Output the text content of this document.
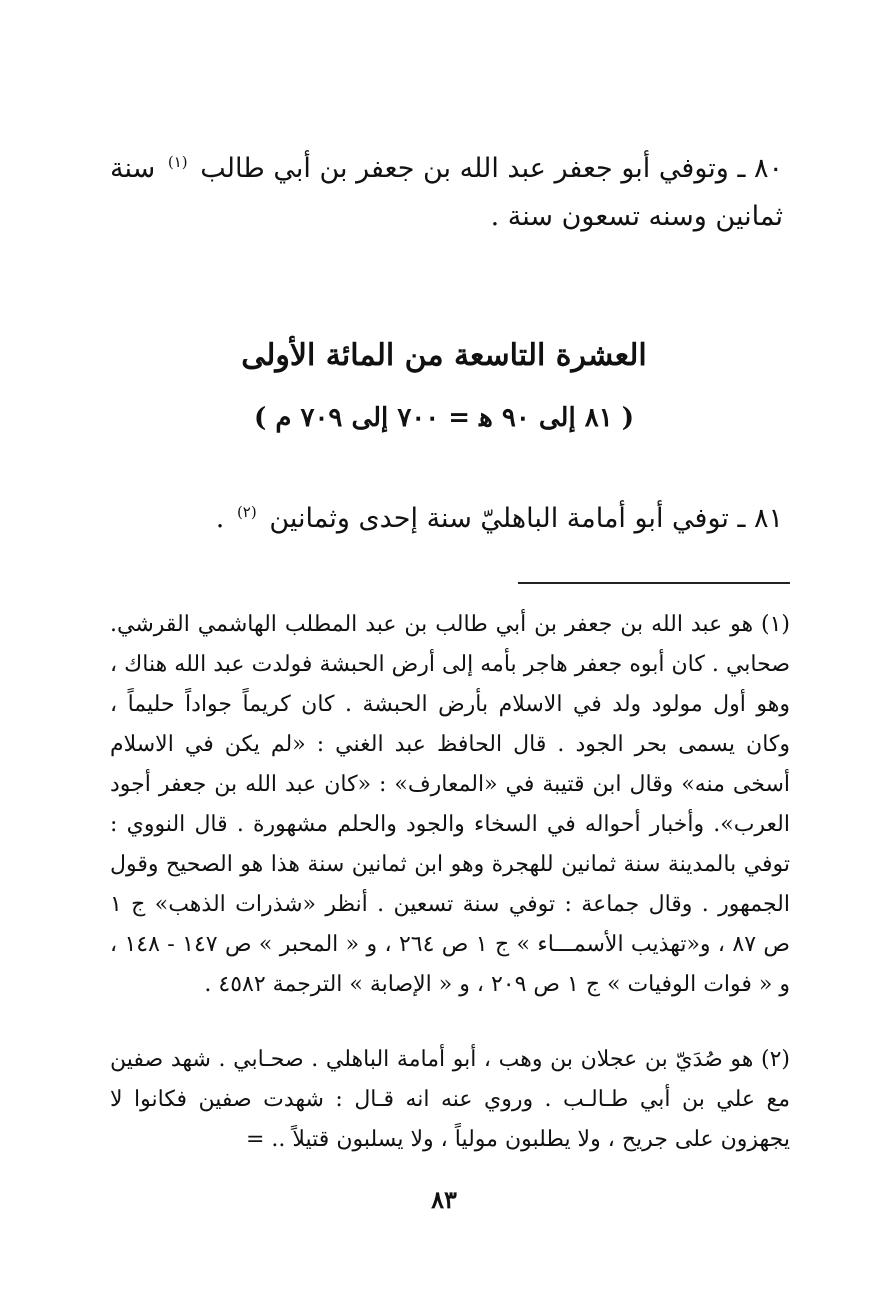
٨٠ ـ وتوفي أبو جعفر عبد الله بن جعفر بن أبي طالب $^{(١)}$ سنة ثمانين وسنه تسعون سنة .

العشرة التاسعة من المائة الأولى
( ٨١ إلى ٩٠ ﻫ = ٧٠٠ إلى ٧٠٩ م )

٨١ ـ توفي أبو أمامة الباهليّ سنة إحدى وثمانين $^{(٢)}$ .

(١) هو عبد الله بن جعفر بن أبي طالب بن عبد المطلب الهاشمي القرشي. صحابي . كان أبوه جعفر هاجر بأمه إلى أرض الحبشة فولدت عبد الله هناك ، وهو أول مولود ولد في الاسلام بأرض الحبشة . كان كريماً جواداً حليماً ، وكان يسمى بحر الجود . قال الحافظ عبد الغني : «لم يكن في الاسلام أسخى منه» وقال ابن قتيبة في «المعارف» : «كان عبد الله بن جعفر أجود العرب». وأخبار أحواله في السخاء والجود والحلم مشهورة . قال النووي : توفي بالمدينة سنة ثمانين للهجرة وهو ابن ثمانين سنة هذا هو الصحيح وقول الجمهور . وقال جماعة : توفي سنة تسعين . أنظر «شذرات الذهب» ج ١ ص ٨٧ ، و«تهذيب الأسمـــاء » ج ١ ص ٢٦٤ ، و « المحبر » ص ١٤٧ - ١٤٨ ، و « فوات الوفيات » ج ١ ص ٢٠٩ ، و « الإصابة » الترجمة ٤٥٨٢ .

(٢) هو صُدَيّ بن عجلان بن وهب ، أبو أمامة الباهلي . صحـابي . شهد صفين مع علي بن أبي طـالـب . وروي عنه انه قـال : شهدت صفين فكانوا لا يجهزون على جريح ، ولا يطلبون مولياً ، ولا يسلبون قتيلاً .. =

٨٣
